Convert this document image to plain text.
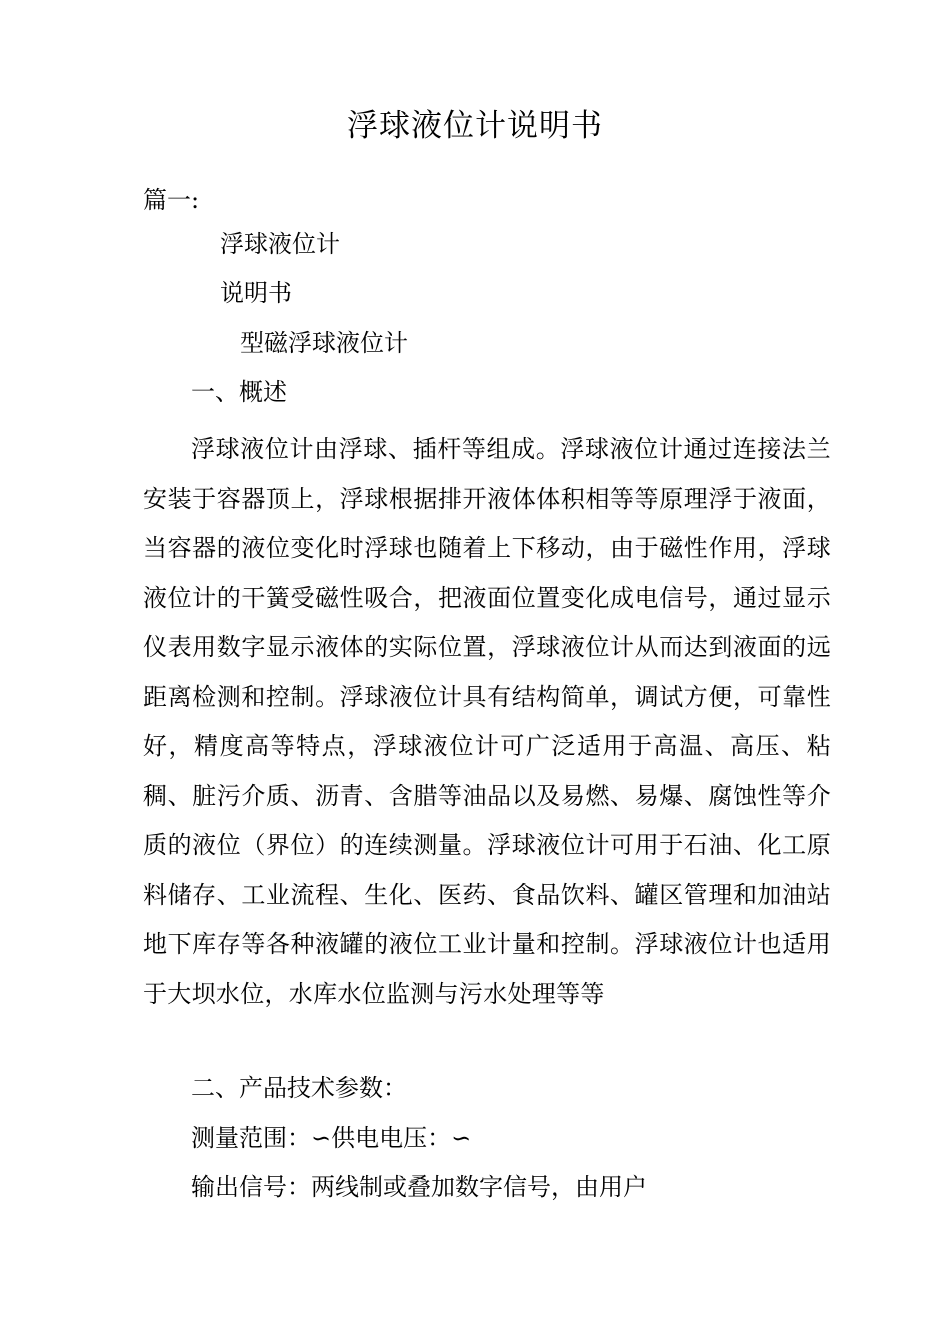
浮球液位计说明书
篇一:
浮球液位计
说明书
型磁浮球液位计
一、概述

浮球液位计由浮球、插杆等组成。浮球液位计通过连接法兰安装于容器顶上，浮球根据排开液体体积相等等原理浮于液面，当容器的液位变化时浮球也随着上下移动，由于磁性作用，浮球液位计的干簧受磁性吸合，把液面位置变化成电信号，通过显示仪表用数字显示液体的实际位置，浮球液位计从而达到液面的远距离检测和控制。浮球液位计具有结构简单，调试方便，可靠性好，精度高等特点，浮球液位计可广泛适用于高温、高压、粘稠、脏污介质、沥青、含腊等油品以及易燃、易爆、腐蚀性等介质的液位（界位）的连续测量。浮球液位计可用于石油、化工原料储存、工业流程、生化、医药、食品饮料、罐区管理和加油站地下库存等各种液罐的液位工业计量和控制。浮球液位计也适用于大坝水位，水库水位监测与污水处理等等

二、产品技术参数：
测量范围：∽供电电压：∽
输出信号：两线制或叠加数字信号，由用户
